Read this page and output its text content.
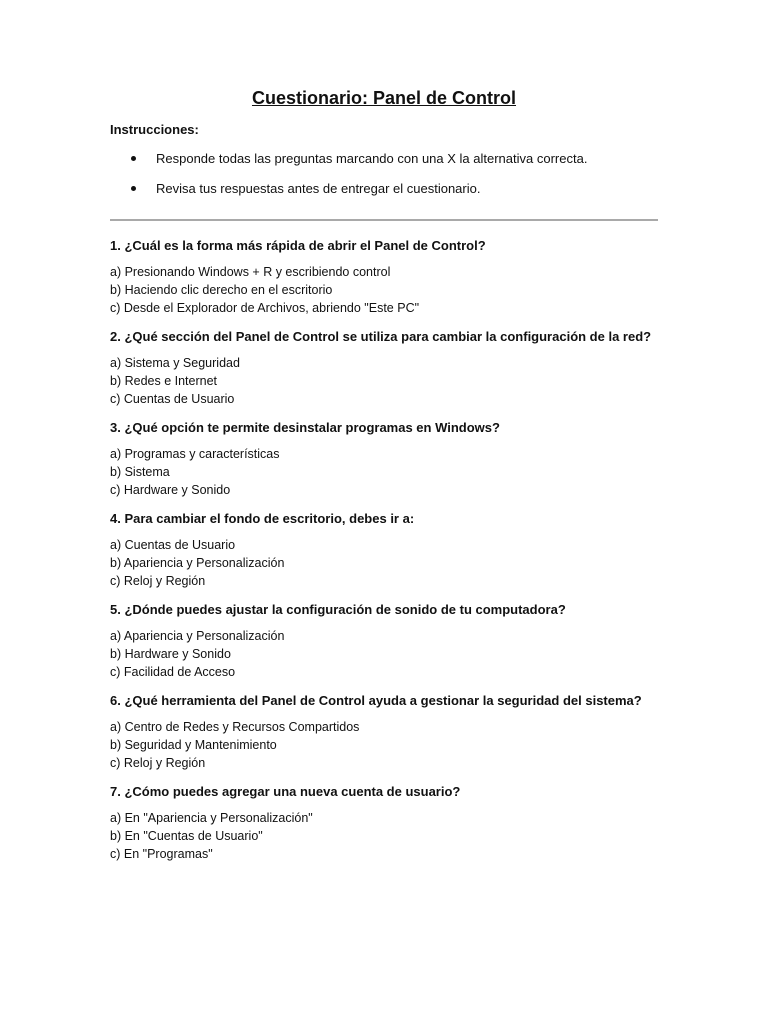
Cuestionario: Panel de Control

Instrucciones:

Responde todas las preguntas marcando con una X la alternativa correcta.
Revisa tus respuestas antes de entregar el cuestionario.

1. ¿Cuál es la forma más rápida de abrir el Panel de Control?

a) Presionando Windows + R y escribiendo control
b) Haciendo clic derecho en el escritorio
c) Desde el Explorador de Archivos, abriendo "Este PC"

2. ¿Qué sección del Panel de Control se utiliza para cambiar la configuración de la red?

a) Sistema y Seguridad
b) Redes e Internet
c) Cuentas de Usuario

3. ¿Qué opción te permite desinstalar programas en Windows?

a) Programas y características
b) Sistema
c) Hardware y Sonido

4. Para cambiar el fondo de escritorio, debes ir a:

a) Cuentas de Usuario
b) Apariencia y Personalización
c) Reloj y Región

5. ¿Dónde puedes ajustar la configuración de sonido de tu computadora?

a) Apariencia y Personalización
b) Hardware y Sonido
c) Facilidad de Acceso

6. ¿Qué herramienta del Panel de Control ayuda a gestionar la seguridad del sistema?

a) Centro de Redes y Recursos Compartidos
b) Seguridad y Mantenimiento
c) Reloj y Región

7. ¿Cómo puedes agregar una nueva cuenta de usuario?

a) En "Apariencia y Personalización"
b) En "Cuentas de Usuario"
c) En "Programas"
